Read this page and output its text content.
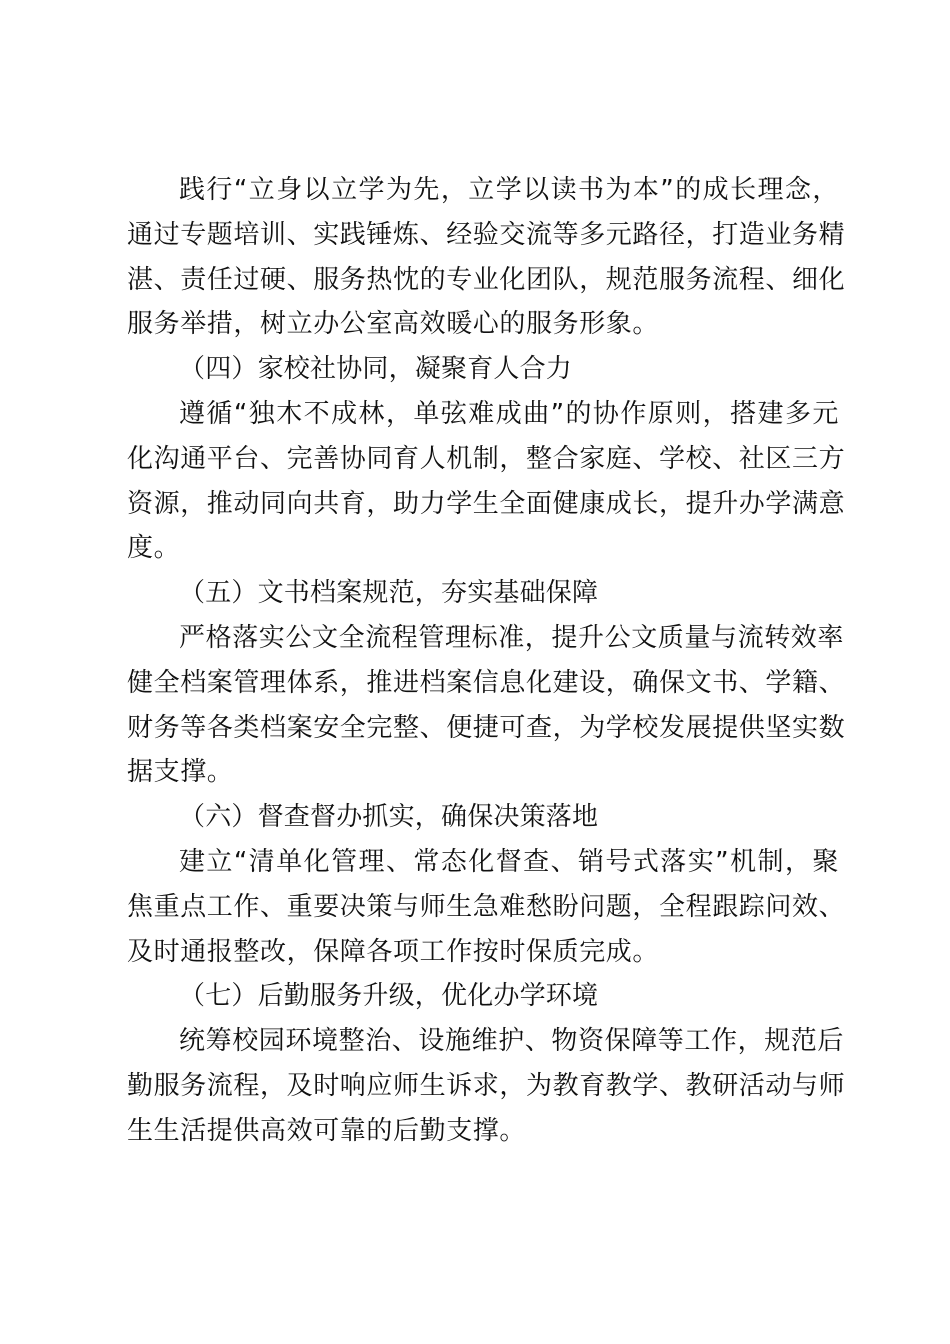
践行“立身以立学为先，立学以读书为本”的成长理念，
通过专题培训、实践锤炼、经验交流等多元路径，打造业务精
湛、责任过硬、服务热忱的专业化团队，规范服务流程、细化
服务举措，树立办公室高效暖心的服务形象。
（四）家校社协同，凝聚育人合力
遵循“独木不成林，单弦难成曲”的协作原则，搭建多元
化沟通平台、完善协同育人机制，整合家庭、学校、社区三方
资源，推动同向共育，助力学生全面健康成长，提升办学满意
度。
（五）文书档案规范，夯实基础保障
严格落实公文全流程管理标准，提升公文质量与流转效率
健全档案管理体系，推进档案信息化建设，确保文书、学籍、
财务等各类档案安全完整、便捷可查，为学校发展提供坚实数
据支撑。
（六）督查督办抓实，确保决策落地
建立“清单化管理、常态化督查、销号式落实”机制，聚
焦重点工作、重要决策与师生急难愁盼问题，全程跟踪问效、
及时通报整改，保障各项工作按时保质完成。
（七）后勤服务升级，优化办学环境
统筹校园环境整治、设施维护、物资保障等工作，规范后
勤服务流程，及时响应师生诉求，为教育教学、教研活动与师
生生活提供高效可靠的后勤支撑。
